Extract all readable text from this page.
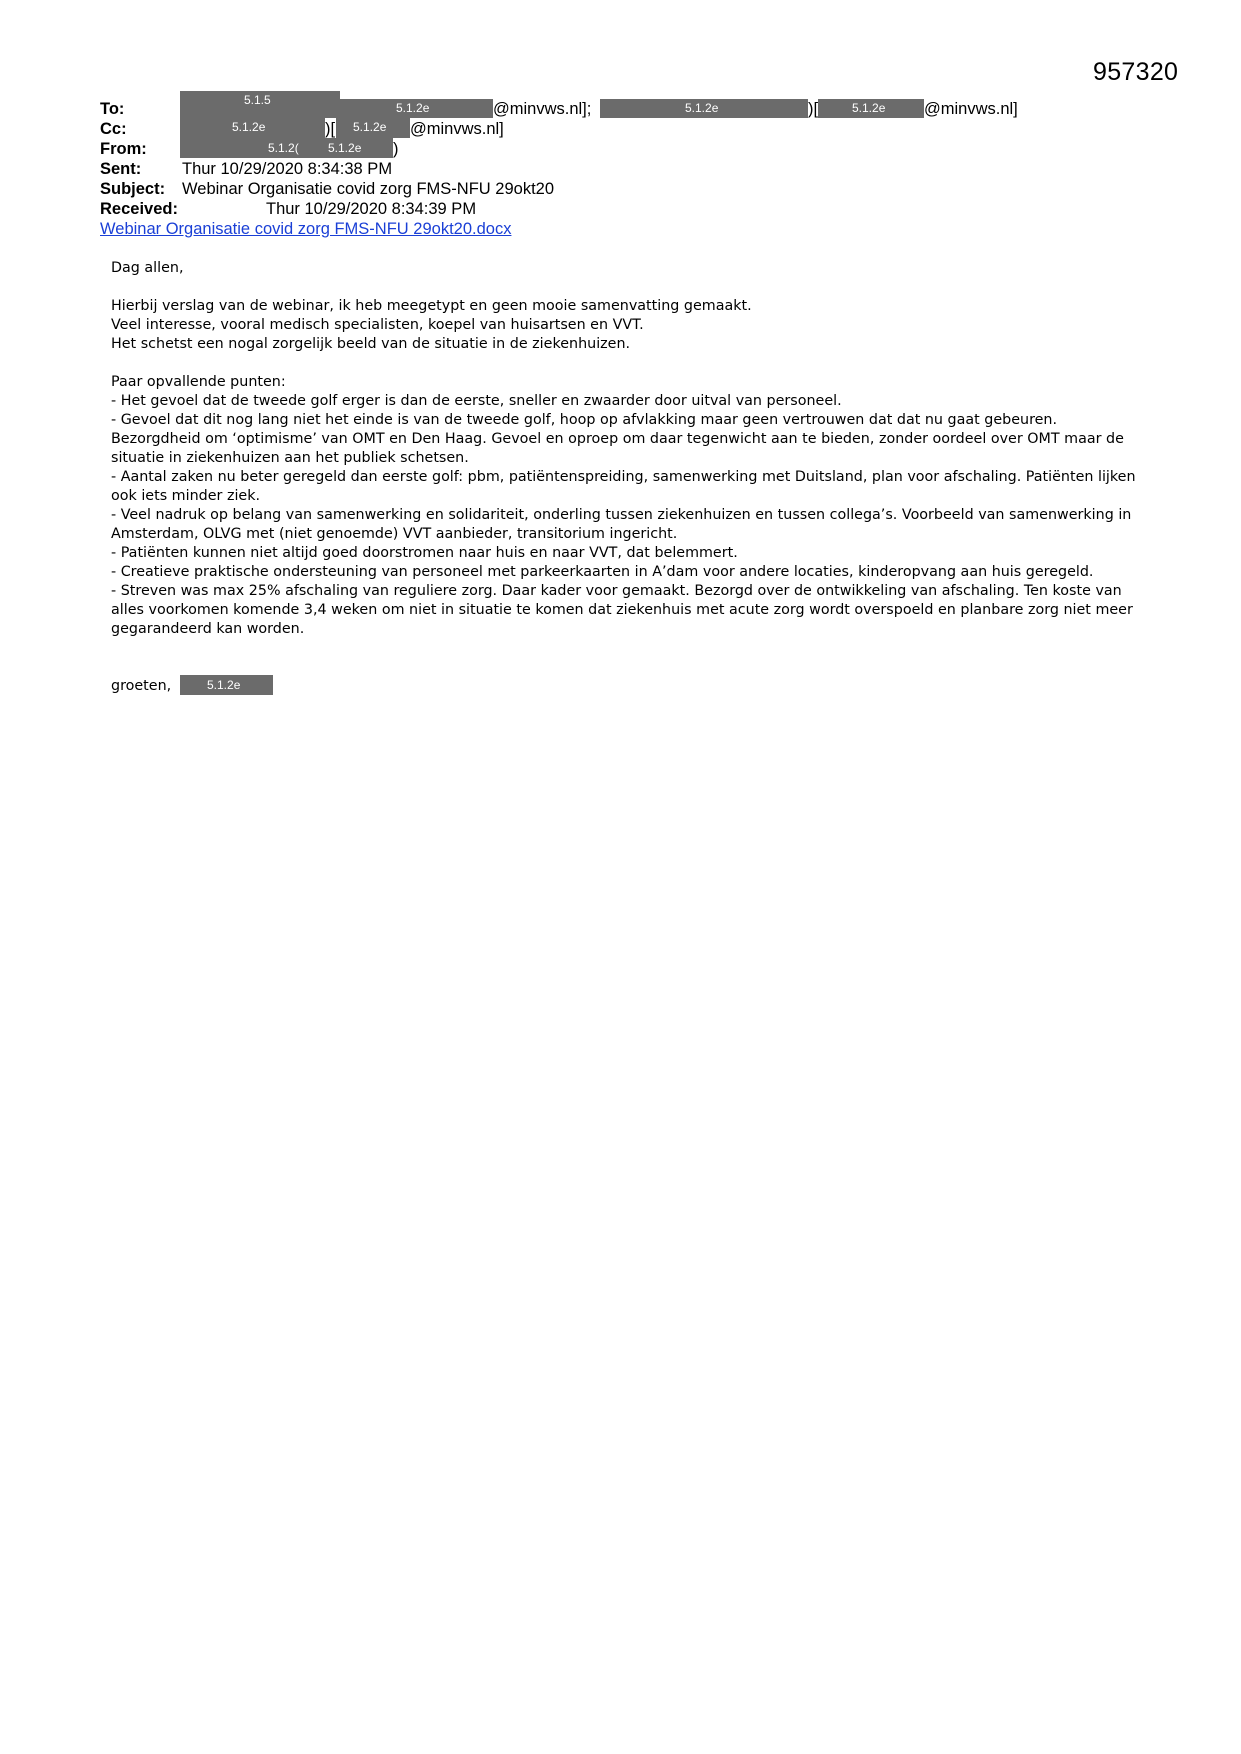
957320
To:	5.1.5
5.1.2e	@minvws.nl];	5.1.2e	)[	5.1.2e @minvws.nl]
Cc:	5.1.2e	)[ 5.1.2e @minvws.nl]
From:	5.1.2( 5.1.2e )
Sent: Thur 10/29/2020 8:34:38 PM
Subject: Webinar Organisatie covid zorg FMS-NFU 29okt20
Received:	Thur 10/29/2020 8:34:39 PM
Webinar Organisatie covid zorg FMS-NFU 29okt20.docx

Dag allen,

Hierbij verslag van de webinar, ik heb meegetypt en geen mooie samenvatting gemaakt.

Veel interesse, vooral medisch specialisten, koepel van huisartsen en VVT.

Het schetst een nogal zorgelijk beeld van de situatie in de ziekenhuizen.

Paar opvallende punten:

- Het gevoel dat de tweede golf erger is dan de eerste, sneller en zwaarder door uitval van personeel.

- Gevoel dat dit nog lang niet het einde is van de tweede golf, hoop op afvlakking maar geen vertrouwen dat dat nu gaat gebeuren. Bezorgdheid om ‘optimisme’ van OMT en Den Haag. Gevoel en oproep om daar tegenwicht aan te bieden, zonder oordeel over OMT maar de situatie in ziekenhuizen aan het publiek schetsen.

- Aantal zaken nu beter geregeld dan eerste golf: pbm, patiëntenspreiding, samenwerking met Duitsland, plan voor afschaling. Patiënten lijken ook iets minder ziek.

- Veel nadruk op belang van samenwerking en solidariteit, onderling tussen ziekenhuizen en tussen collega’s. Voorbeeld van samenwerking in Amsterdam, OLVG met (niet genoemde) VVT aanbieder, transitorium ingericht.

- Patiënten kunnen niet altijd goed doorstromen naar huis en naar VVT, dat belemmert.

- Creatieve praktische ondersteuning van personeel met parkeerkaarten in A’dam voor andere locaties, kinderopvang aan huis geregeld.

- Streven was max 25% afschaling van reguliere zorg. Daar kader voor gemaakt. Bezorgd over de ontwikkeling van afschaling. Ten koste van alles voorkomen komende 3,4 weken om niet in situatie te komen dat ziekenhuis met acute zorg wordt overspoeld en planbare zorg niet meer gegarandeerd kan worden.

groeten,	5.1.2e
